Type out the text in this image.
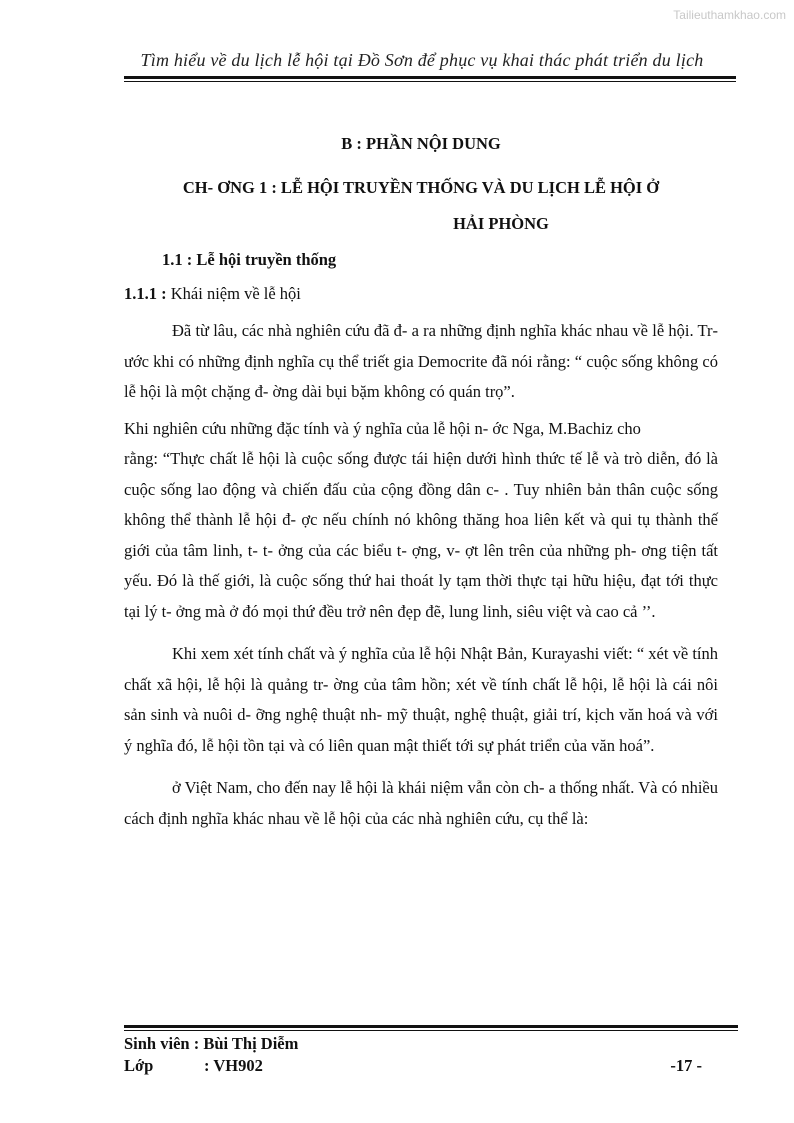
Tailieuthamkhao.com
Tìm hiểu về du lịch lễ hội tại Đồ Sơn để phục vụ khai thác phát triển du lịch
B : PHẦN NỘI DUNG
CH- ƠNG 1 : LỄ HỘI TRUYỀN THỐNG VÀ DU LỊCH LỄ HỘI Ở
HẢI PHÒNG
1.1 : Lễ hội truyền thống
1.1.1 : Khái niệm về lễ hội

Đã từ lâu, các nhà nghiên cứu đã đ- a ra những định nghĩa khác nhau về lễ hội. Trước khi có những định nghĩa cụ thể triết gia Democrite đã nói rằng: “ cuộc sống không có lễ hội là một chặng đ- ờng dài bụi bặm không có quán trọ”.

Khi nghiên cứu những đặc tính và ý nghĩa của lễ hội n- ớc Nga, M.Bachiz cho

rằng: “Thực chất lễ hội là cuộc sống được tái hiện dưới hình thức tế lễ và trò diễn, đó là cuộc sống lao động và chiến đấu của cộng đồng dân c- . Tuy nhiên bản thân cuộc sống không thể thành lễ hội đ- ợc nếu chính nó không thăng hoa liên kết và qui tụ thành thế giới của tâm linh, t- t- ởng của các biểu t- ợng, v- ợt lên trên của những ph- ơng tiện tất yếu. Đó là thế giới, là cuộc sống thứ hai thoát ly tạm thời thực tại hữu hiệu, đạt tới thực tại lý t- ởng mà ở đó mọi thứ đều trở nên đẹp đẽ, lung linh, siêu việt và cao cả ’’.

Khi xem xét tính chất và ý nghĩa của lễ hội Nhật Bản, Kurayashi viết: “ xét về tính chất xã hội, lễ hội là quảng tr- ờng của tâm hồn; xét về tính chất lễ hội, lễ hội là cái nôi sản sinh và nuôi d- ỡng nghệ thuật nh- mỹ thuật, nghệ thuật, giải trí, kịch văn hoá và với ý nghĩa đó, lễ hội tồn tại và có liên quan mật thiết tới sự phát triển của văn hoá”.

ở Việt Nam, cho đến nay lễ hội là khái niệm vẫn còn ch- a thống nhất. Và có nhiều cách định nghĩa khác nhau về lễ hội của các nhà nghiên cứu, cụ thể là:

Sinh viên : Bùi Thị Diễm
Lớp	: VH902	-17 -
